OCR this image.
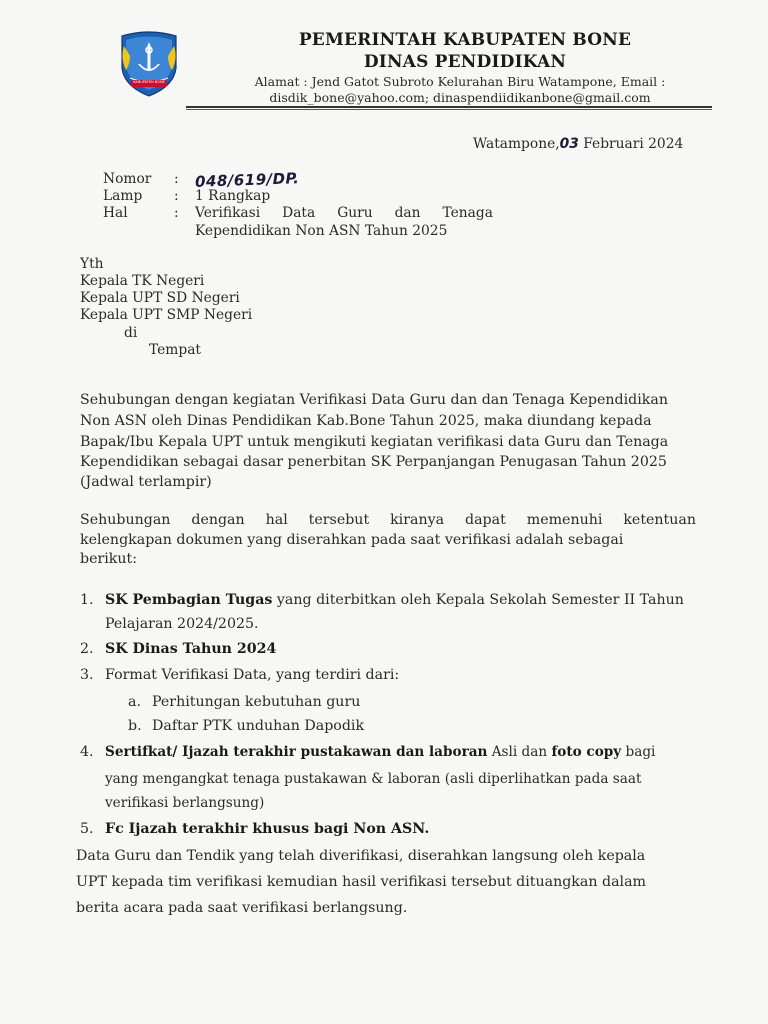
KABUPATEN BONE
PEMERINTAH KABUPATEN BONE
DINAS PENDIDIKAN
Alamat : Jend Gatot Subroto Kelurahan Biru Watampone, Email :
disdik_bone@yahoo.com; dinaspendiidikanbone@gmail.com
Watampone,03 Februari 2024
Nomor : 048/619/DP.
Lamp : 1 Rangkap
Hal	: Verifikasi Data Guru dan Tenaga
Kependidikan Non ASN Tahun 2025
Yth
Kepala TK Negeri
Kepala UPT SD Negeri
Kepala UPT SMP Negeri
di
Tempat
Sehubungan dengan kegiatan Verifikasi Data Guru dan dan Tenaga Kependidikan
Non ASN oleh Dinas Pendidikan Kab.Bone Tahun 2025, maka diundang kepada
Bapak/Ibu Kepala UPT untuk mengikuti kegiatan verifikasi data Guru dan Tenaga
Kependidikan sebagai dasar penerbitan SK Perpanjangan Penugasan Tahun 2025
(Jadwal terlampir)
Sehubungan dengan hal tersebut kiranya dapat memenuhi ketentuan
kelengkapan dokumen yang diserahkan pada saat verifikasi adalah sebagai
berikut:
1. SK Pembagian Tugas yang diterbitkan oleh Kepala Sekolah Semester II Tahun
Pelajaran 2024/2025.
2. SK Dinas Tahun 2024
3. Format Verifikasi Data, yang terdiri dari:
a. Perhitungan kebutuhan guru
b. Daftar PTK unduhan Dapodik
4. Sertifkat/ Ijazah terakhir pustakawan dan laboran Asli dan foto copy bagi
yang mengangkat tenaga pustakawan & laboran (asli diperlihatkan pada saat
verifikasi berlangsung)
5. Fc Ijazah terakhir khusus bagi Non ASN.
Data Guru dan Tendik yang telah diverifikasi, diserahkan langsung oleh kepala
UPT kepada tim verifikasi kemudian hasil verifikasi tersebut dituangkan dalam
berita acara pada saat verifikasi berlangsung.
